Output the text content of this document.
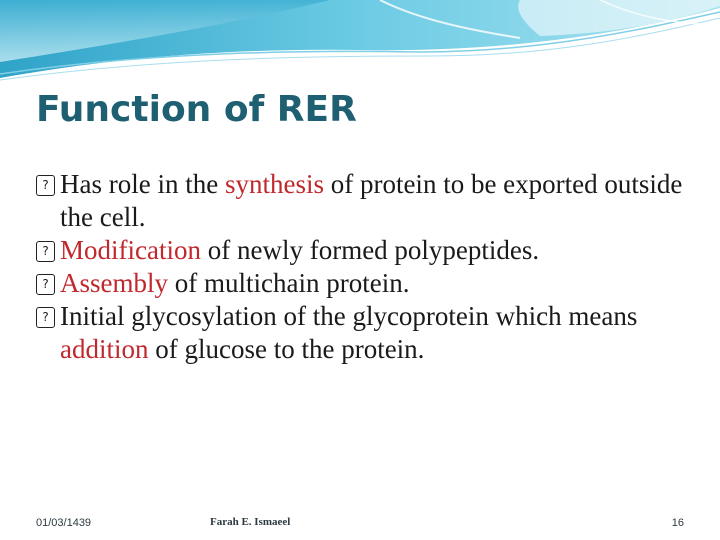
Function of RER
? Has role in the synthesis of protein to be exported outside the cell.
? Modification of newly formed polypeptides.
? Assembly of multichain protein.
? Initial glycosylation of the glycoprotein which means addition of glucose to the protein.
01/03/1439	Farah E. Ismaeel	16
